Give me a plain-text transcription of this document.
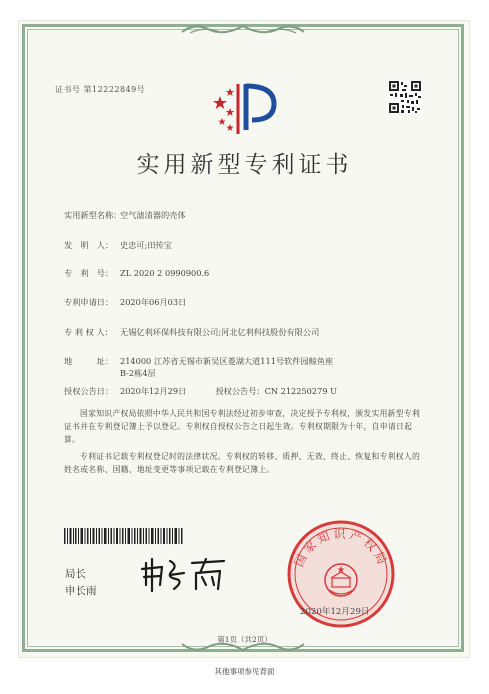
证书号 第12222849号
实用新型专利证书
实用新型名称：空气滤清器的壳体
发　明　人： 史忠可;田传宝
专　利　号： ZL 2020 2 0990900.6
专利申请日： 2020年06月03日
专 利 权 人： 无锡亿利环保科技有限公司;河北亿利科技股份有限公司
地　　　址： 214000 江苏省无锡市新吴区菱湖大道111号软件园鲸鱼座
B-2栋4层
授权公告日： 2020年12月29日	授权公告号：CN 212250279 U
国家知识产权局依照中华人民共和国专利法经过初步审查，决定授予专利权，颁发实用新型专利证书并在专利登记簿上予以登记。专利权自授权公告之日起生效。专利权期限为十年，自申请日起算。
专利证书记载专利权登记时的法律状况。专利权的转移、质押、无效、终止、恢复和专利权人的姓名或名称、国籍、地址变更等事项记载在专利登记簿上。
局长
申长雨
国家知识产权局
2020年12月29日
第1页（共2页）
其他事项参见背面
